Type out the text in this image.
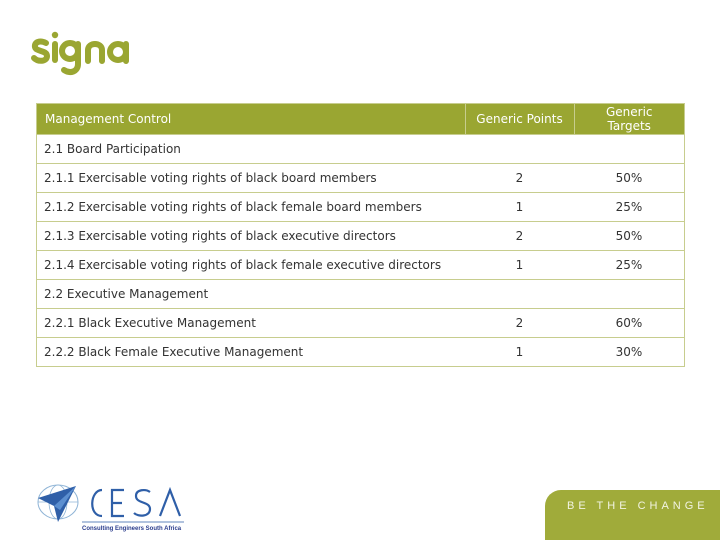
Management Control	Generic Points	Generic Targets
2.1 Board Participation		
2.1.1 Exercisable voting rights of black board members	2	50%
2.1.2 Exercisable voting rights of black female board members	1	25%
2.1.3 Exercisable voting rights of black executive directors	2	50%
2.1.4 Exercisable voting rights of black female executive directors	1	25%
2.2 Executive Management		
2.2.1 Black Executive Management	2	60%
2.2.2 Black Female Executive Management	1	30%
Consulting Engineers South Africa
BE THE CHANGE
